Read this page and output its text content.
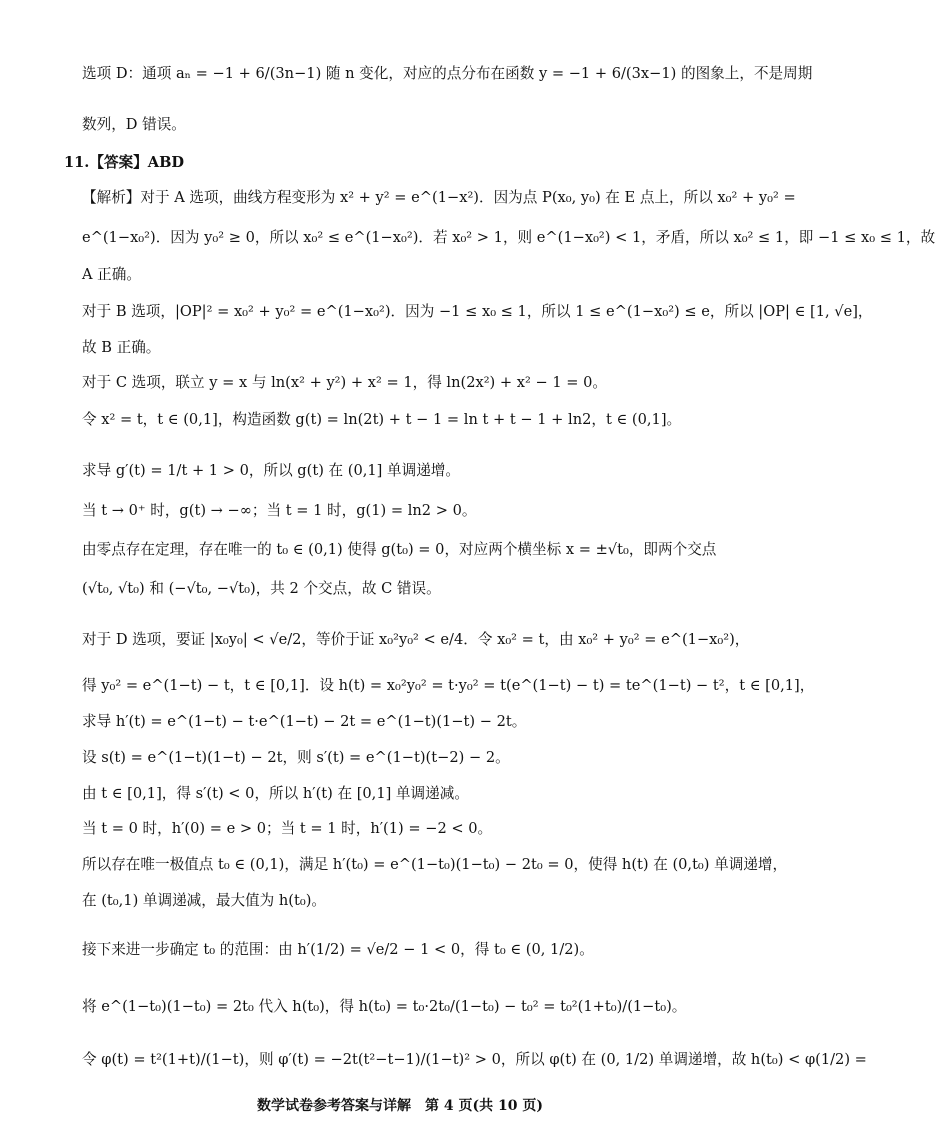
选项 D：通项 aₙ = −1 + 6/(3n−1) 随 n 变化，对应的点分布在函数 y = −1 + 6/(3x−1) 的图象上，不是周期
数列，D 错误。
11.【答案】ABD
【解析】对于 A 选项，曲线方程变形为 x² + y² = e^(1−x²)．因为点 P(x₀, y₀) 在 E 点上，所以 x₀² + y₀² =
e^(1−x₀²)．因为 y₀² ≥ 0，所以 x₀² ≤ e^(1−x₀²)．若 x₀² > 1，则 e^(1−x₀²) < 1，矛盾，所以 x₀² ≤ 1，即 −1 ≤ x₀ ≤ 1，故
A 正确。
对于 B 选项，|OP|² = x₀² + y₀² = e^(1−x₀²)．因为 −1 ≤ x₀ ≤ 1，所以 1 ≤ e^(1−x₀²) ≤ e，所以 |OP| ∈ [1, √e]，
故 B 正确。
对于 C 选项，联立 y = x 与 ln(x² + y²) + x² = 1，得 ln(2x²) + x² − 1 = 0。
令 x² = t，t ∈ (0,1]，构造函数 g(t) = ln(2t) + t − 1 = ln t + t − 1 + ln2，t ∈ (0,1]。
求导 g′(t) = 1/t + 1 > 0，所以 g(t) 在 (0,1] 单调递增。
当 t → 0⁺ 时，g(t) → −∞；当 t = 1 时，g(1) = ln2 > 0。
由零点存在定理，存在唯一的 t₀ ∈ (0,1) 使得 g(t₀) = 0，对应两个横坐标 x = ±√t₀，即两个交点
(√t₀, √t₀) 和 (−√t₀, −√t₀)，共 2 个交点，故 C 错误。
对于 D 选项，要证 |x₀y₀| < √e/2，等价于证 x₀²y₀² < e/4．令 x₀² = t，由 x₀² + y₀² = e^(1−x₀²)，
得 y₀² = e^(1−t) − t，t ∈ [0,1]．设 h(t) = x₀²y₀² = t·y₀² = t(e^(1−t) − t) = te^(1−t) − t²，t ∈ [0,1]，
求导 h′(t) = e^(1−t) − t·e^(1−t) − 2t = e^(1−t)(1−t) − 2t。
设 s(t) = e^(1−t)(1−t) − 2t，则 s′(t) = e^(1−t)(t−2) − 2。
由 t ∈ [0,1]，得 s′(t) < 0，所以 h′(t) 在 [0,1] 单调递减。
当 t = 0 时，h′(0) = e > 0；当 t = 1 时，h′(1) = −2 < 0。
所以存在唯一极值点 t₀ ∈ (0,1)，满足 h′(t₀) = e^(1−t₀)(1−t₀) − 2t₀ = 0，使得 h(t) 在 (0,t₀) 单调递增，
在 (t₀,1) 单调递减，最大值为 h(t₀)。
接下来进一步确定 t₀ 的范围：由 h′(1/2) = √e/2 − 1 < 0，得 t₀ ∈ (0, 1/2)。
将 e^(1−t₀)(1−t₀) = 2t₀ 代入 h(t₀)，得 h(t₀) = t₀·2t₀/(1−t₀) − t₀² = t₀²(1+t₀)/(1−t₀)。
令 φ(t) = t²(1+t)/(1−t)，则 φ′(t) = −2t(t²−t−1)/(1−t)² > 0，所以 φ(t) 在 (0, 1/2) 单调递增，故 h(t₀) < φ(1/2) =
数学试卷参考答案与详解　第 4 页(共 10 页)
